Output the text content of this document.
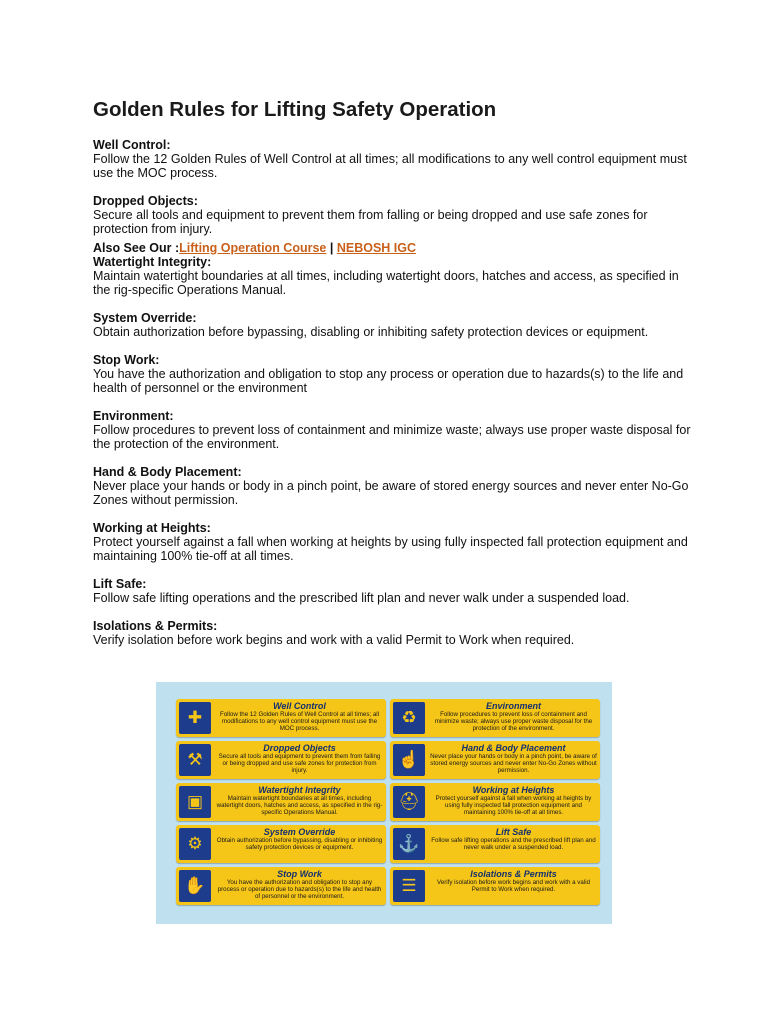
Golden Rules for Lifting Safety Operation
Well Control:
Follow the 12 Golden Rules of Well Control at all times; all modifications to any well control equipment must use the MOC process.
Dropped Objects:
Secure all tools and equipment to prevent them from falling or being dropped and use safe zones for protection from injury.
Also See Our :Lifting Operation Course | NEBOSH IGC
Watertight Integrity:
Maintain watertight boundaries at all times, including watertight doors, hatches and access, as specified in the rig-specific Operations Manual.
System Override:
Obtain authorization before bypassing, disabling or inhibiting safety protection devices or equipment.
Stop Work:
You have the authorization and obligation to stop any process or operation due to hazards(s) to the life and health of personnel or the environment
Environment:
Follow procedures to prevent loss of containment and minimize waste; always use proper waste disposal for the protection of the environment.
Hand & Body Placement:
Never place your hands or body in a pinch point, be aware of stored energy sources and never enter No-Go Zones without permission.
Working at Heights:
Protect yourself against a fall when working at heights by using fully inspected fall protection equipment and maintaining 100% tie-off at all times.
Lift Safe:
Follow safe lifting operations and the prescribed lift plan and never walk under a suspended load.
Isolations & Permits:
Verify isolation before work begins and work with a valid Permit to Work when required.
✚
Well Control
Follow the 12 Golden Rules of Well Control at all times; all modifications to any well control equipment must use the MOC process.
⚒
Dropped Objects
Secure all tools and equipment to prevent them from falling or being dropped and use safe zones for protection from injury.
▣
Watertight Integrity
Maintain watertight boundaries at all times, including watertight doors, hatches and access, as specified in the rig-specific Operations Manual.
⚙
System Override
Obtain authorization before bypassing, disabling or inhibiting safety protection devices or equipment.
✋
Stop Work
You have the authorization and obligation to stop any process or operation due to hazards(s) to the life and health of personnel or the environment.
♻
Environment
Follow procedures to prevent loss of containment and minimize waste; always use proper waste disposal for the protection of the environment.
☝
Hand & Body Placement
Never place your hands or body in a pinch point, be aware of stored energy sources and never enter No-Go Zones without permission.
⛑
Working at Heights
Protect yourself against a fall when working at heights by using fully inspected fall protection equipment and maintaining 100% tie-off at all times.
⚓
Lift Safe
Follow safe lifting operations and the prescribed lift plan and never walk under a suspended load.
☰
Isolations & Permits
Verify isolation before work begins and work with a valid Permit to Work when required.
